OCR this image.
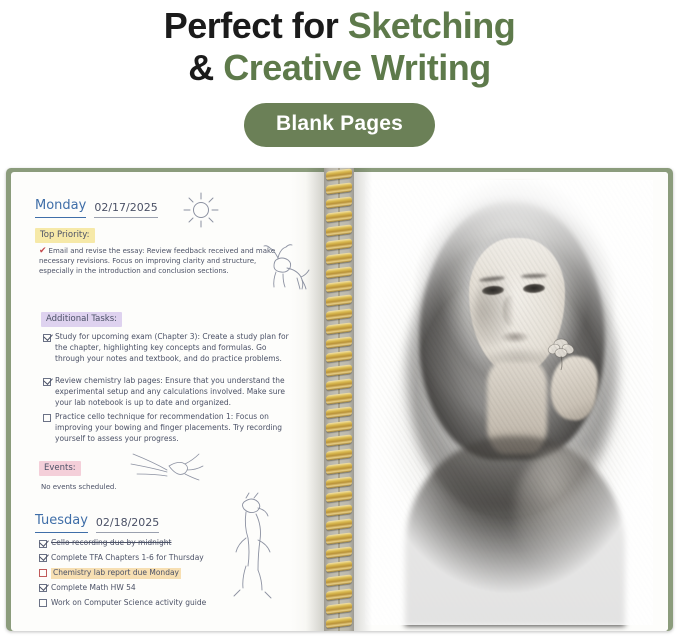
Perfect for Sketching
& Creative Writing
Blank Pages
Monday 02/17/2025
Top Priority:
✔ Email and revise the essay: Review feedback received and make necessary revisions. Focus on improving clarity and structure, especially in the introduction and conclusion sections.
Additional Tasks:
Study for upcoming exam (Chapter 3): Create a study plan for the chapter, highlighting key concepts and formulas. Go through your notes and textbook, and do practice problems.
Review chemistry lab pages: Ensure that you understand the experimental setup and any calculations involved. Make sure your lab notebook is up to date and organized.
Practice cello technique for recommendation 1: Focus on improving your bowing and finger placements. Try recording yourself to assess your progress.
Events:
No events scheduled.
Tuesday 02/18/2025
Cello recording due by midnight
Complete TFA Chapters 1-6 for Thursday
Chemistry lab report due Monday
Complete Math HW 54
Work on Computer Science activity guide
